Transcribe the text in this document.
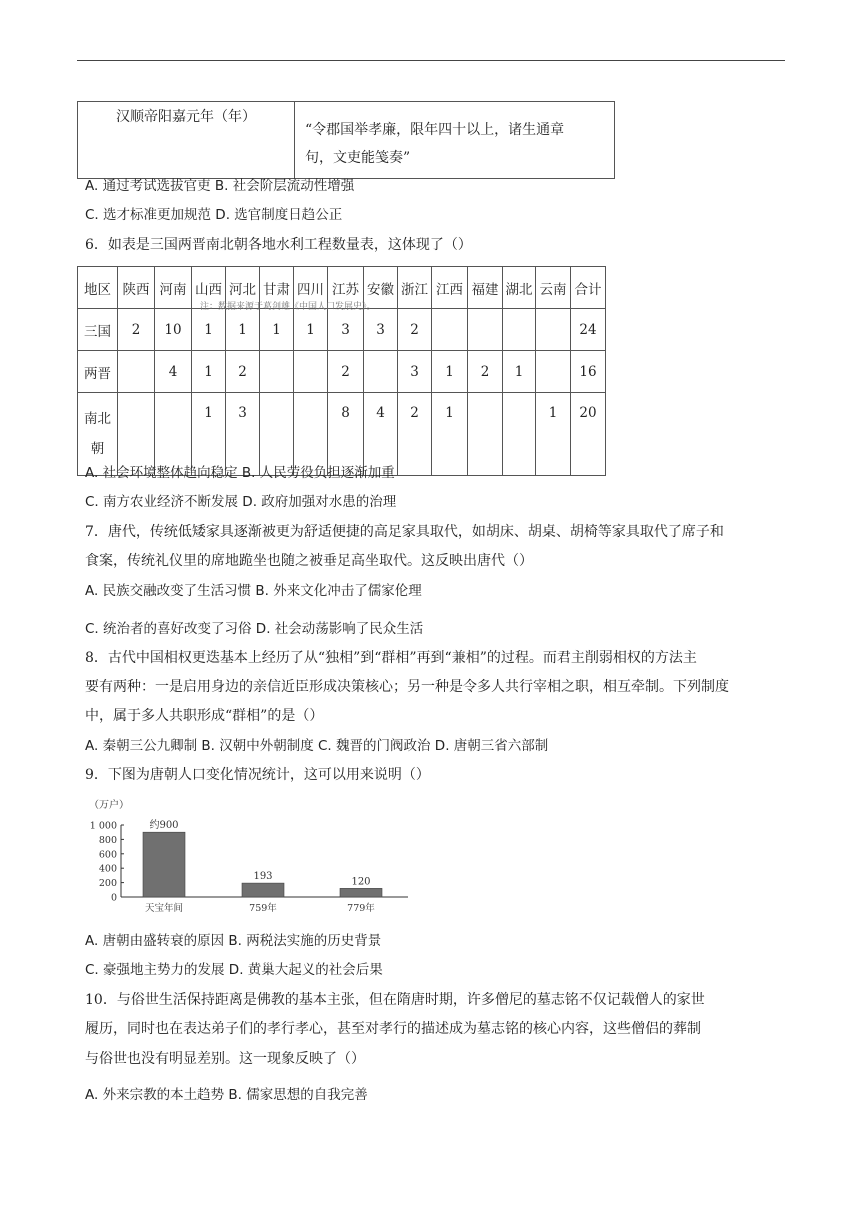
汉顺帝阳嘉元年（年）	
“令郡国举孝廉，限年四十以上，诸生通章
句，文吏能笺奏”
A. 通过考试选拔官吏 B. 社会阶层流动性增强
C. 选才标准更加规范 D. 选官制度日趋公正
6．如表是三国两晋南北朝各地水利工程数量表，这体现了（）
地区	陕西	河南	山西	河北	甘肃	四川	江苏	安徽	浙江	江西	福建	湖北	云南	合计
三国	2	10	1	1	1	1	3	3	2					24
两晋		4	1	2			2		3	1	2	1		16

南北
朝			1	3			8	4	2	1			1	20
注：数据来源于葛剑雄《中国人口发展史》。
A. 社会环境整体趋向稳定 B. 人民劳役负担逐渐加重
C. 南方农业经济不断发展 D. 政府加强对水患的治理
7．唐代，传统低矮家具逐渐被更为舒适便捷的高足家具取代，如胡床、胡桌、胡椅等家具取代了席子和
食案，传统礼仪里的席地跪坐也随之被垂足高坐取代。这反映出唐代（）
A. 民族交融改变了生活习惯 B. 外来文化冲击了儒家伦理
C. 统治者的喜好改变了习俗 D. 社会动荡影响了民众生活
8．古代中国相权更迭基本上经历了从“独相”到“群相”再到“兼相”的过程。而君主削弱相权的方法主
要有两种：一是启用身边的亲信近臣形成决策核心；另一种是令多人共行宰相之职，相互牵制。下列制度
中，属于多人共职形成“群相”的是（）
A. 秦朝三公九卿制 B. 汉朝中外朝制度 C. 魏晋的门阀政治 D. 唐朝三省六部制
9．下图为唐朝人口变化情况统计，这可以用来说明（）
（万户）
1 000
800
600
400
200
0
约900
天宝年间
193
759年
120
779年
A. 唐朝由盛转衰的原因 B. 两税法实施的历史背景
C. 豪强地主势力的发展 D. 黄巢大起义的社会后果
10．与俗世生活保持距离是佛教的基本主张，但在隋唐时期，许多僧尼的墓志铭不仅记载僧人的家世
履历，同时也在表达弟子们的孝行孝心，甚至对孝行的描述成为墓志铭的核心内容，这些僧侣的葬制
与俗世也没有明显差别。这一现象反映了（）
A. 外来宗教的本土趋势 B. 儒家思想的自我完善
